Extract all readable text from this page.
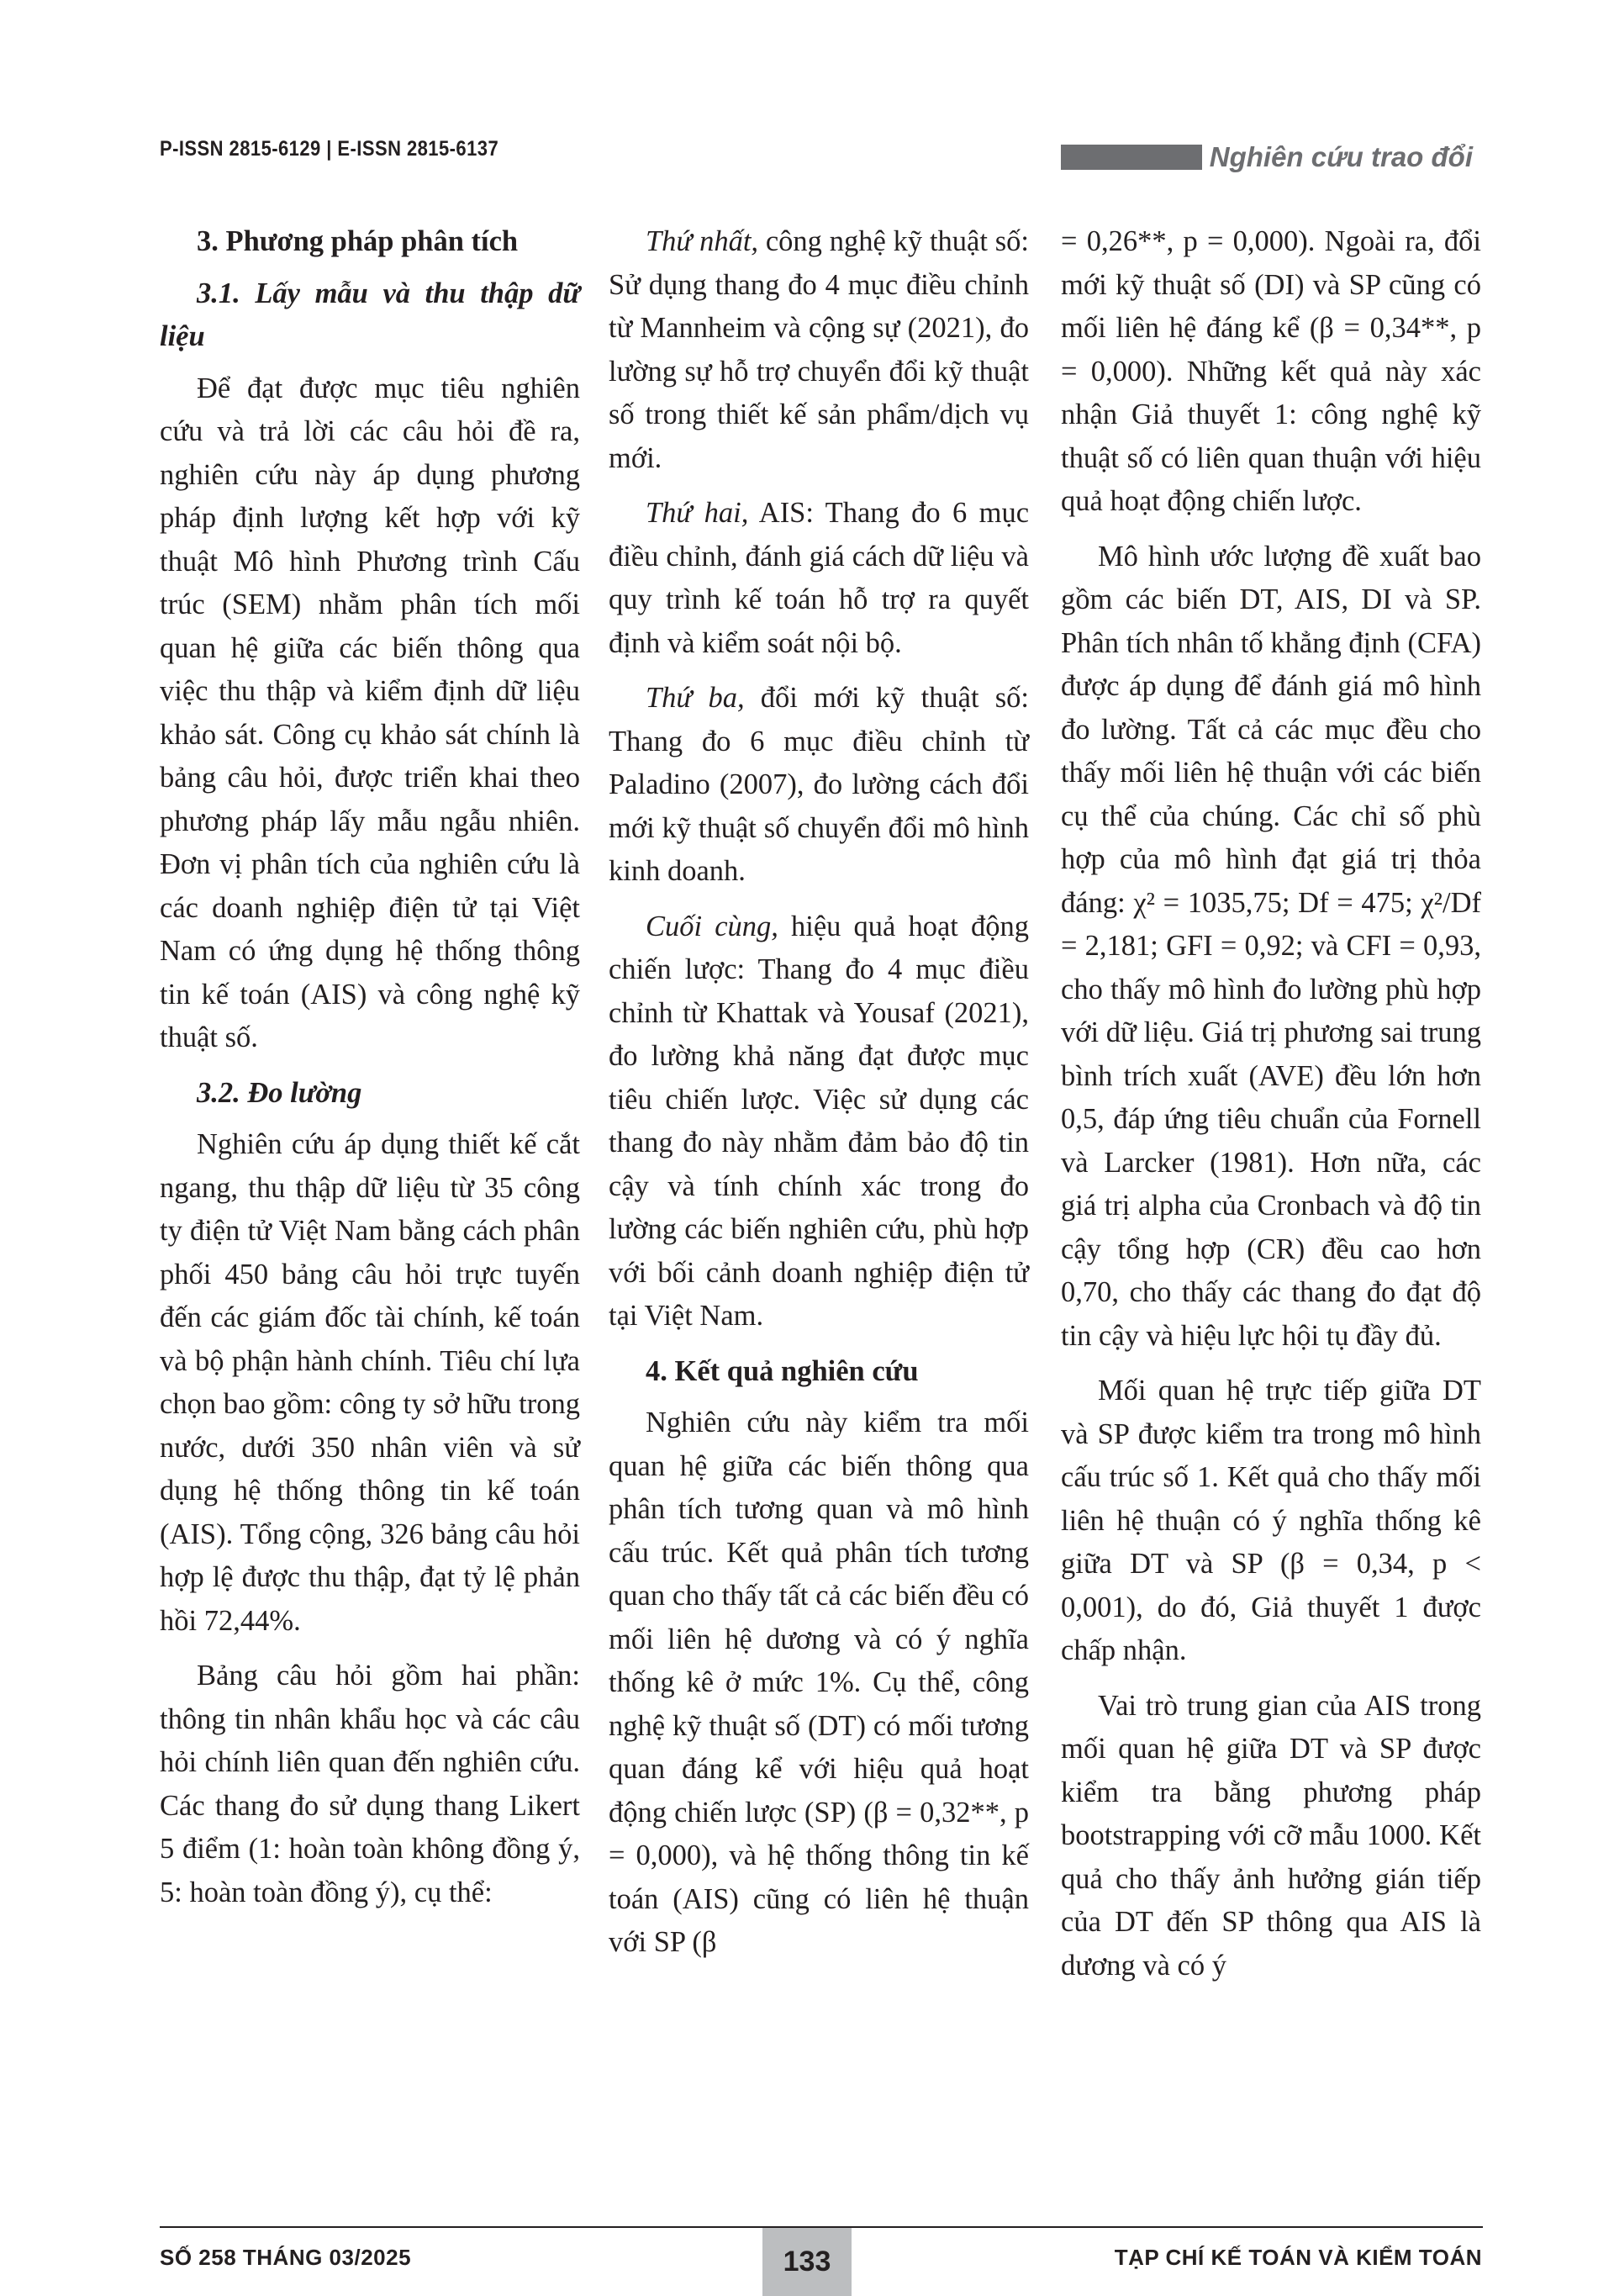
P-ISSN 2815-6129 | E-ISSN 2815-6137	Nghiên cứu trao đổi
3. Phương pháp phân tích
3.1. Lấy mẫu và thu thập dữ liệu

Để đạt được mục tiêu nghiên cứu và trả lời các câu hỏi đề ra, nghiên cứu này áp dụng phương pháp định lượng kết hợp với kỹ thuật Mô hình Phương trình Cấu trúc (SEM) nhằm phân tích mối quan hệ giữa các biến thông qua việc thu thập và kiểm định dữ liệu khảo sát. Công cụ khảo sát chính là bảng câu hỏi, được triển khai theo phương pháp lấy mẫu ngẫu nhiên. Đơn vị phân tích của nghiên cứu là các doanh nghiệp điện tử tại Việt Nam có ứng dụng hệ thống thông tin kế toán (AIS) và công nghệ kỹ thuật số.

3.2. Đo lường

Nghiên cứu áp dụng thiết kế cắt ngang, thu thập dữ liệu từ 35 công ty điện tử Việt Nam bằng cách phân phối 450 bảng câu hỏi trực tuyến đến các giám đốc tài chính, kế toán và bộ phận hành chính. Tiêu chí lựa chọn bao gồm: công ty sở hữu trong nước, dưới 350 nhân viên và sử dụng hệ thống thông tin kế toán (AIS). Tổng cộng, 326 bảng câu hỏi hợp lệ được thu thập, đạt tỷ lệ phản hồi 72,44%.

Bảng câu hỏi gồm hai phần: thông tin nhân khẩu học và các câu hỏi chính liên quan đến nghiên cứu. Các thang đo sử dụng thang Likert 5 điểm (1: hoàn toàn không đồng ý, 5: hoàn toàn đồng ý), cụ thể:

Thứ nhất, công nghệ kỹ thuật số: Sử dụng thang đo 4 mục điều chỉnh từ Mannheim và cộng sự (2021), đo lường sự hỗ trợ chuyển đổi kỹ thuật số trong thiết kế sản phẩm/dịch vụ mới.

Thứ hai, AIS: Thang đo 6 mục điều chỉnh, đánh giá cách dữ liệu và quy trình kế toán hỗ trợ ra quyết định và kiểm soát nội bộ.

Thứ ba, đổi mới kỹ thuật số: Thang đo 6 mục điều chỉnh từ Paladino (2007), đo lường cách đổi mới kỹ thuật số chuyển đổi mô hình kinh doanh.

Cuối cùng, hiệu quả hoạt động chiến lược: Thang đo 4 mục điều chỉnh từ Khattak và Yousaf (2021), đo lường khả năng đạt được mục tiêu chiến lược. Việc sử dụng các thang đo này nhằm đảm bảo độ tin cậy và tính chính xác trong đo lường các biến nghiên cứu, phù hợp với bối cảnh doanh nghiệp điện tử tại Việt Nam.

4. Kết quả nghiên cứu

Nghiên cứu này kiểm tra mối quan hệ giữa các biến thông qua phân tích tương quan và mô hình cấu trúc. Kết quả phân tích tương quan cho thấy tất cả các biến đều có mối liên hệ dương và có ý nghĩa thống kê ở mức 1%. Cụ thể, công nghệ kỹ thuật số (DT) có mối tương quan đáng kể với hiệu quả hoạt động chiến lược (SP) (β = 0,32**, p = 0,000), và hệ thống thông tin kế toán (AIS) cũng có liên hệ thuận với SP (β

= 0,26**, p = 0,000). Ngoài ra, đổi mới kỹ thuật số (DI) và SP cũng có mối liên hệ đáng kể (β = 0,34**, p = 0,000). Những kết quả này xác nhận Giả thuyết 1: công nghệ kỹ thuật số có liên quan thuận với hiệu quả hoạt động chiến lược.

Mô hình ước lượng đề xuất bao gồm các biến DT, AIS, DI và SP. Phân tích nhân tố khẳng định (CFA) được áp dụng để đánh giá mô hình đo lường. Tất cả các mục đều cho thấy mối liên hệ thuận với các biến cụ thể của chúng. Các chỉ số phù hợp của mô hình đạt giá trị thỏa đáng: χ² = 1035,75; Df = 475; χ²/Df = 2,181; GFI = 0,92; và CFI = 0,93, cho thấy mô hình đo lường phù hợp với dữ liệu. Giá trị phương sai trung bình trích xuất (AVE) đều lớn hơn 0,5, đáp ứng tiêu chuẩn của Fornell và Larcker (1981). Hơn nữa, các giá trị alpha của Cronbach và độ tin cậy tổng hợp (CR) đều cao hơn 0,70, cho thấy các thang đo đạt độ tin cậy và hiệu lực hội tụ đầy đủ.

Mối quan hệ trực tiếp giữa DT và SP được kiểm tra trong mô hình cấu trúc số 1. Kết quả cho thấy mối liên hệ thuận có ý nghĩa thống kê giữa DT và SP (β = 0,34, p < 0,001), do đó, Giả thuyết 1 được chấp nhận.

Vai trò trung gian của AIS trong mối quan hệ giữa DT và SP được kiểm tra bằng phương pháp bootstrapping với cỡ mẫu 1000. Kết quả cho thấy ảnh hưởng gián tiếp của DT đến SP thông qua AIS là dương và có ý

SỐ 258 THÁNG 03/2025	133	TẠP CHÍ KẾ TOÁN VÀ KIỂM TOÁN
